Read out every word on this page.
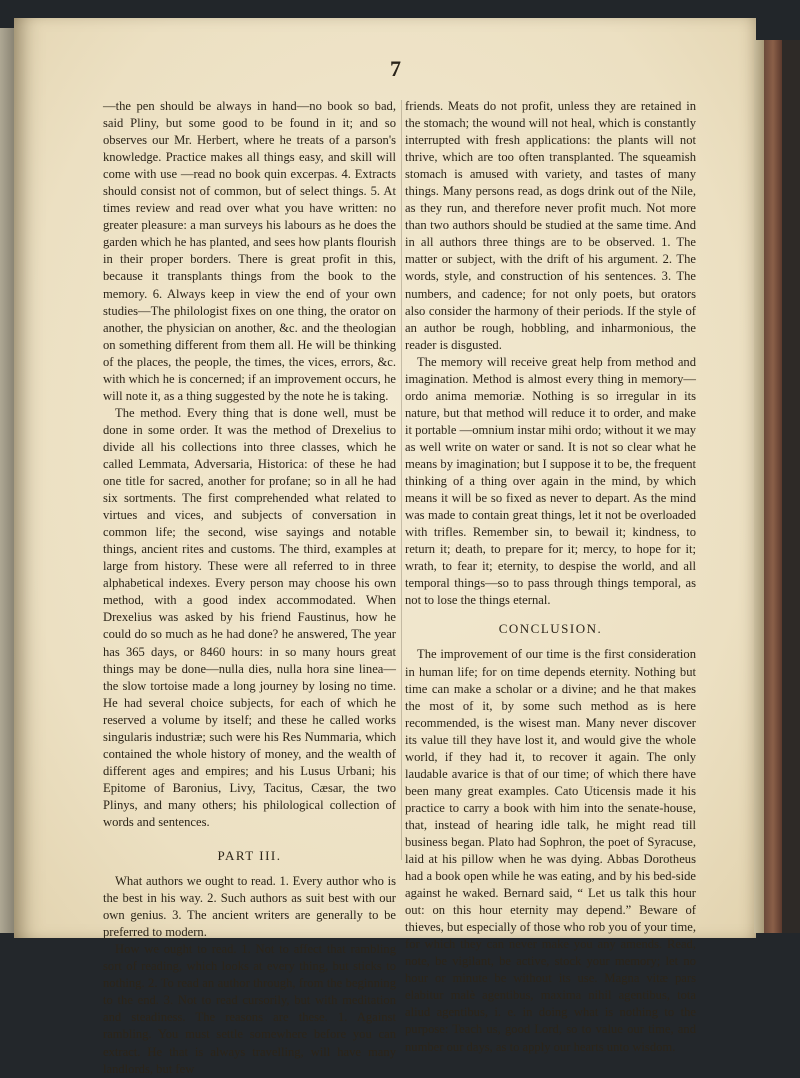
7

—the pen should be always in hand—no book so bad, said Pliny, but some good to be found in it; and so observes our Mr. Herbert, where he treats of a parson's knowledge. Practice makes all things easy, and skill will come with use —read no book quin excerpas. 4. Extracts should consist not of common, but of select things. 5. At times review and read over what you have written: no greater pleasure: a man surveys his labours as he does the garden which he has planted, and sees how plants flourish in their proper borders. There is great profit in this, because it transplants things from the book to the memory. 6. Always keep in view the end of your own studies—The philologist fixes on one thing, the orator on another, the physician on another, &c. and the theologian on something different from them all. He will be thinking of the places, the people, the times, the vices, errors, &c. with which he is concerned; if an improvement occurs, he will note it, as a thing suggested by the note he is taking.

The method. Every thing that is done well, must be done in some order. It was the method of Drexelius to divide all his collections into three classes, which he called Lemmata, Adversaria, Historica: of these he had one title for sacred, another for profane; so in all he had six sortments. The first comprehended what related to virtues and vices, and subjects of conversation in common life; the second, wise sayings and notable things, ancient rites and customs. The third, examples at large from history. These were all referred to in three alphabetical indexes. Every person may choose his own method, with a good index accommodated. When Drexelius was asked by his friend Faustinus, how he could do so much as he had done? he answered, The year has 365 days, or 8460 hours: in so many hours great things may be done—nulla dies, nulla hora sine linea—the slow tortoise made a long journey by losing no time. He had several choice subjects, for each of which he reserved a volume by itself; and these he called works singularis industriæ; such were his Res Nummaria, which contained the whole history of money, and the wealth of different ages and empires; and his Lusus Urbani; his Epitome of Baronius, Livy, Tacitus, Cæsar, the two Plinys, and many others; his philological collection of words and sentences.

PART III.

What authors we ought to read. 1. Every author who is the best in his way. 2. Such authors as suit best with our own genius. 3. The ancient writers are generally to be preferred to modern.

How we ought to read. 1. Not to affect that rambling sort of reading, which looks at every thing, but sticks to nothing. 2. To read an author through, from the beginning to the end. 3. Not to read cursorily, but with meditation and steadiness. The reasons are these. 1. Against rambling. You must settle somewhere before you can extract. He that is always travelling, will have many landlords, but few

friends. Meats do not profit, unless they are retained in the stomach; the wound will not heal, which is constantly interrupted with fresh applications: the plants will not thrive, which are too often transplanted. The squeamish stomach is amused with variety, and tastes of many things. Many persons read, as dogs drink out of the Nile, as they run, and therefore never profit much. Not more than two authors should be studied at the same time. And in all authors three things are to be observed. 1. The matter or subject, with the drift of his argument. 2. The words, style, and construction of his sentences. 3. The numbers, and cadence; for not only poets, but orators also consider the harmony of their periods. If the style of an author be rough, hobbling, and inharmonious, the reader is disgusted.

The memory will receive great help from method and imagination. Method is almost every thing in memory— ordo anima memoriæ. Nothing is so irregular in its nature, but that method will reduce it to order, and make it portable —omnium instar mihi ordo; without it we may as well write on water or sand. It is not so clear what he means by imagination; but I suppose it to be, the frequent thinking of a thing over again in the mind, by which means it will be so fixed as never to depart. As the mind was made to contain great things, let it not be overloaded with trifles. Remember sin, to bewail it; kindness, to return it; death, to prepare for it; mercy, to hope for it; wrath, to fear it; eternity, to despise the world, and all temporal things—so to pass through things temporal, as not to lose the things eternal.

CONCLUSION.

The improvement of our time is the first consideration in human life; for on time depends eternity. Nothing but time can make a scholar or a divine; and he that makes the most of it, by some such method as is here recommended, is the wisest man. Many never discover its value till they have lost it, and would give the whole world, if they had it, to recover it again. The only laudable avarice is that of our time; of which there have been many great examples. Cato Uticensis made it his practice to carry a book with him into the senate-house, that, instead of hearing idle talk, he might read till business began. Plato had Sophron, the poet of Syracuse, laid at his pillow when he was dying. Abbas Dorotheus had a book open while he was eating, and by his bed-side against he waked. Bernard said, “ Let us talk this hour out: on this hour eternity may depend.” Beware of thieves, but especially of those who rob you of your time, for which they can never make you any amends. Read, note, be vigilant, be active, stock your memory; let no hour or minute be without its use. Magna vitæ pars elabitur malè agentibus, maxima nihil agentibus, tota aliud agentibus, i. e. in doing what is nothing to the purpose: Teach us, good Lord, so to value our time, and number our days, as to apply our hearts unto wisdom.
